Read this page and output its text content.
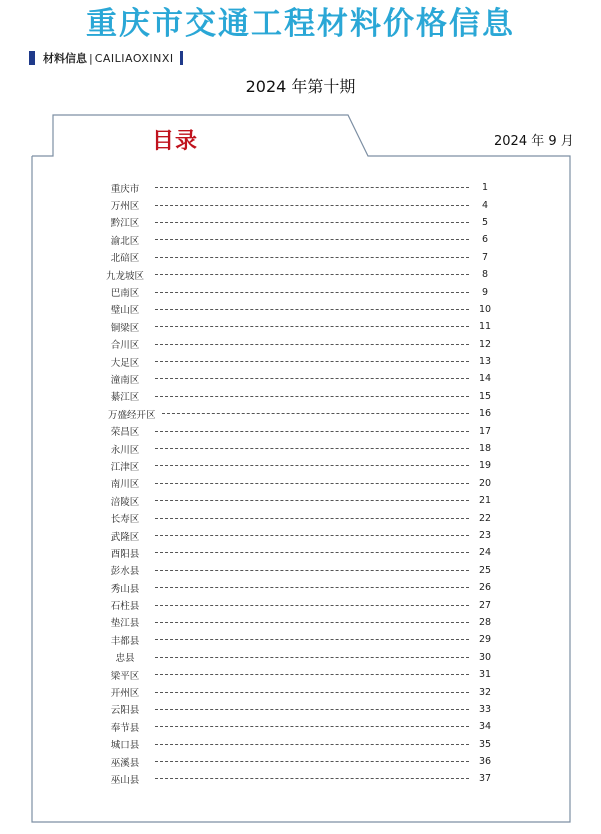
重庆市交通工程材料价格信息
材料信息 | CAILIAOXINXI
2024 年第十期
目录	2024 年 9 月
重庆市	1
万州区	4
黔江区	5
渝北区	6
北碚区	7
九龙坡区	8
巴南区	9
璧山区	10
铜梁区	11
合川区	12
大足区	13
潼南区	14
綦江区	15
万盛经开区	16
荣昌区	17
永川区	18
江津区	19
南川区	20
涪陵区	21
长寿区	22
武隆区	23
酉阳县	24
彭水县	25
秀山县	26
石柱县	27
垫江县	28
丰都县	29
忠县	30
梁平区	31
开州区	32
云阳县	33
奉节县	34
城口县	35
巫溪县	36
巫山县	37
